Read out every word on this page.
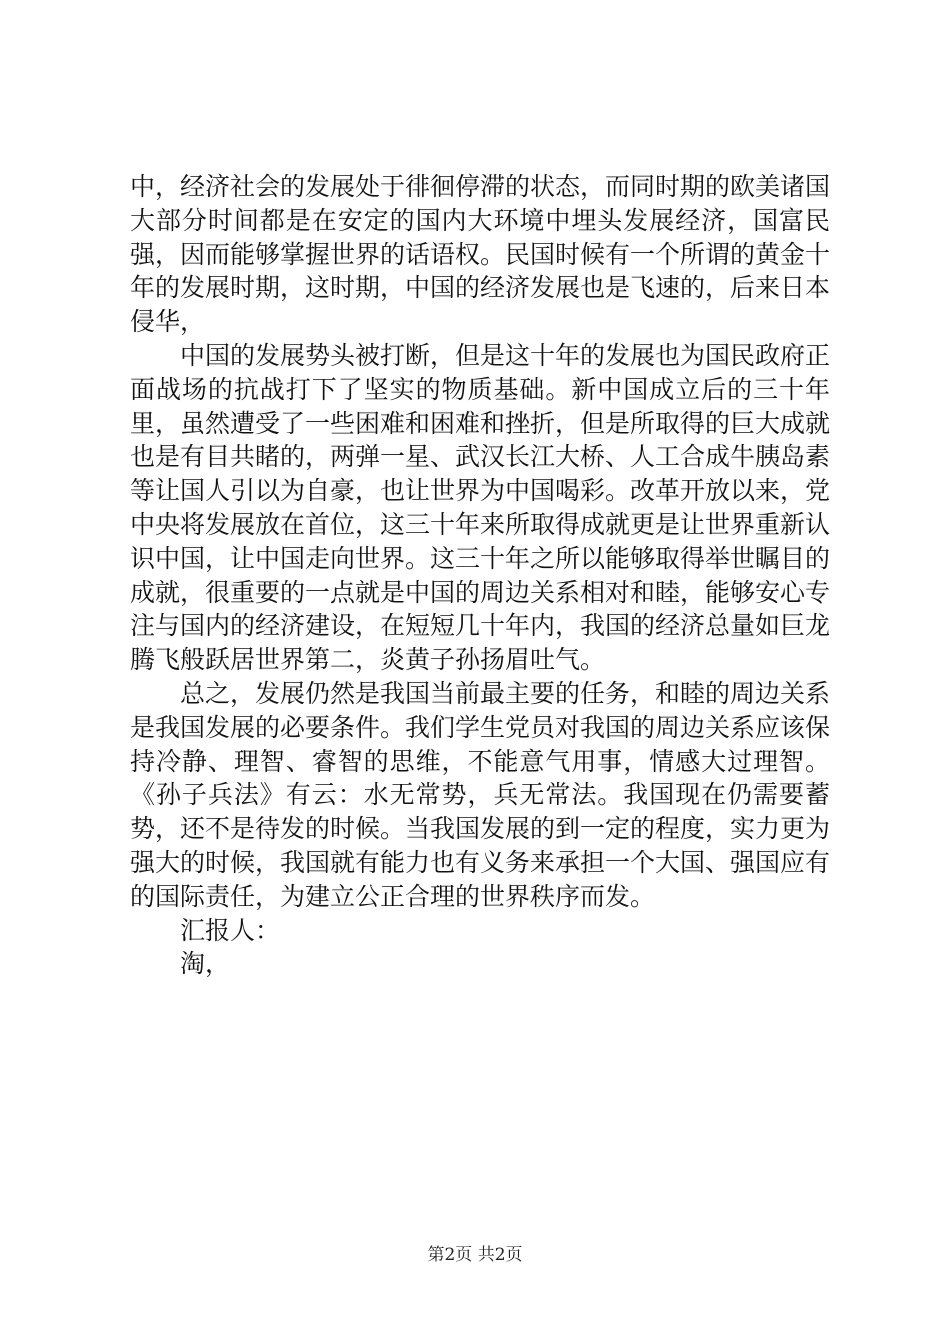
中，经济社会的发展处于徘徊停滞的状态，而同时期的欧美诸国大部分时间都是在安定的国内大环境中埋头发展经济，国富民强，因而能够掌握世界的话语权。民国时候有一个所谓的黄金十年的发展时期，这时期，中国的经济发展也是飞速的，后来日本侵华，

中国的发展势头被打断，但是这十年的发展也为国民政府正面战场的抗战打下了坚实的物质基础。新中国成立后的三十年里，虽然遭受了一些困难和困难和挫折，但是所取得的巨大成就也是有目共睹的，两弹一星、武汉长江大桥、人工合成牛胰岛素等让国人引以为自豪，也让世界为中国喝彩。改革开放以来，党中央将发展放在首位，这三十年来所取得成就更是让世界重新认识中国，让中国走向世界。这三十年之所以能够取得举世瞩目的成就，很重要的一点就是中国的周边关系相对和睦，能够安心专注与国内的经济建设，在短短几十年内，我国的经济总量如巨龙腾飞般跃居世界第二，炎黄子孙扬眉吐气。

总之，发展仍然是我国当前最主要的任务，和睦的周边关系是我国发展的必要条件。我们学生党员对我国的周边关系应该保持冷静、理智、睿智的思维，不能意气用事，情感大过理智。《孙子兵法》有云：水无常势，兵无常法。我国现在仍需要蓄势，还不是待发的时候。当我国发展的到一定的程度，实力更为强大的时候，我国就有能力也有义务来承担一个大国、强国应有的国际责任，为建立公正合理的世界秩序而发。

汇报人：

淘，

第2页 共2页
